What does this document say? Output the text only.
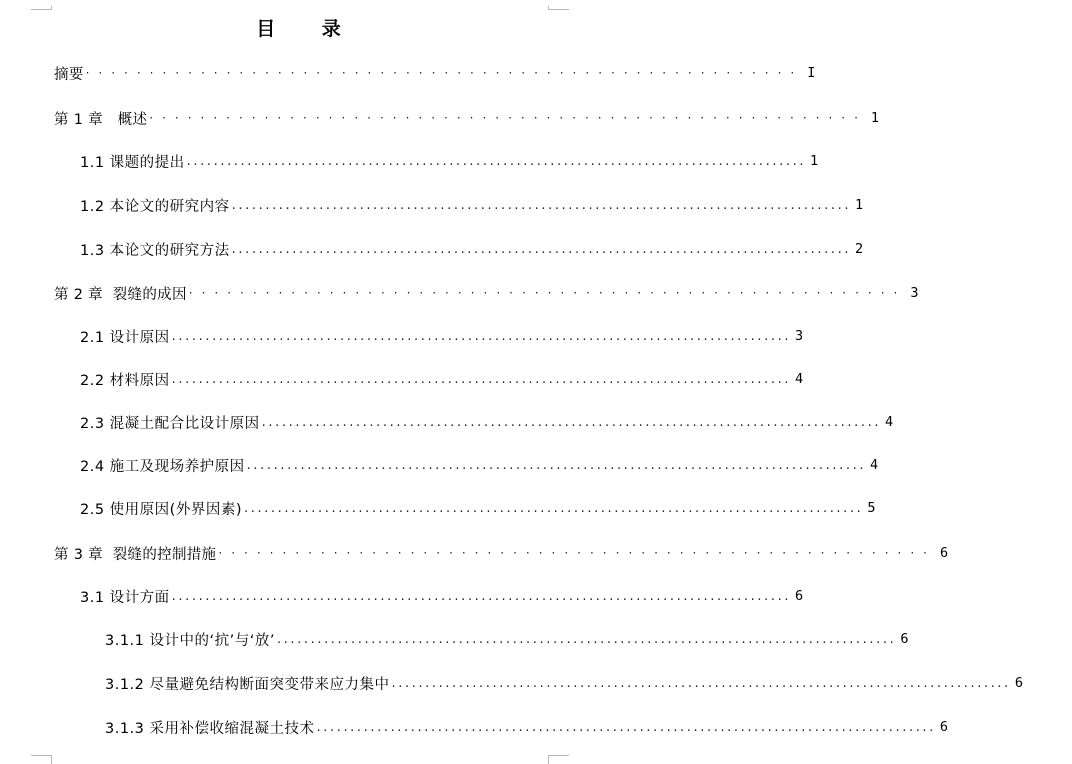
目 录
摘要 ························································ I
第 1 章   概述 ························································ 1
1.1 课题的提出 ............................................................................................ 1
1.2 本论文的研究内容 ............................................................................................ 1
1.3 本论文的研究方法 ............................................................................................ 2
第 2 章  裂缝的成因 ························································ 3
2.1 设计原因 ............................................................................................ 3
2.2 材料原因 ............................................................................................ 4
2.3 混凝土配合比设计原因 ............................................................................................ 4
2.4 施工及现场养护原因 ............................................................................................ 4
2.5 使用原因(外界因素) ............................................................................................ 5
第 3 章  裂缝的控制措施 ························································ 6
3.1 设计方面 ............................................................................................ 6
3.1.1 设计中的‘抗’与‘放’ ............................................................................................ 6
3.1.2 尽量避免结构断面突变带来应力集中 ............................................................................................ 6
3.1.3 采用补偿收缩混凝土技术 ............................................................................................ 6
